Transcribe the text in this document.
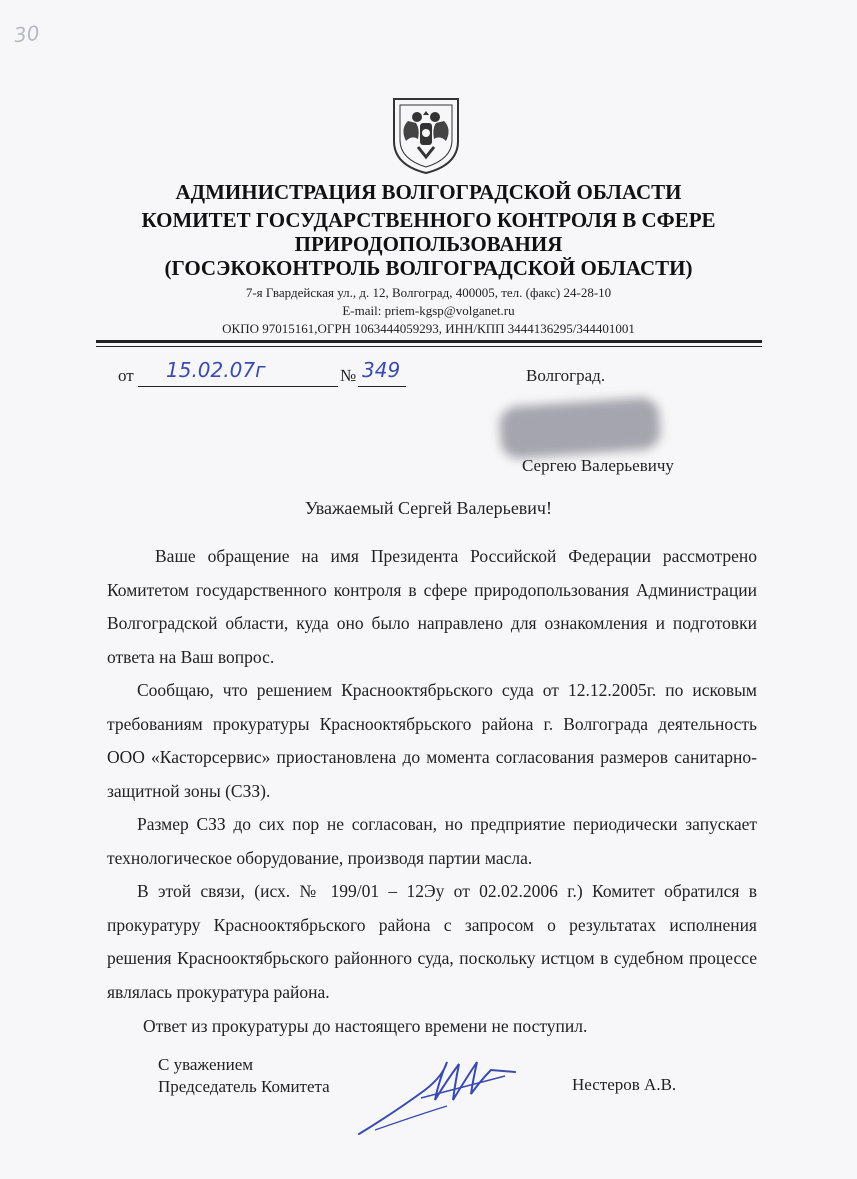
30
АДМИНИСТРАЦИЯ ВОЛГОГРАДСКОЙ ОБЛАСТИ
КОМИТЕТ ГОСУДАРСТВЕННОГО КОНТРОЛЯ В СФЕРЕ
ПРИРОДОПОЛЬЗОВАНИЯ
(ГОСЭКОКОНТРОЛЬ ВОЛГОГРАДСКОЙ ОБЛАСТИ)
7-я Гвардейская ул., д. 12, Волгоград, 400005, тел. (факс) 24-28-10
E-mail: priem-kgsp@volganet.ru
ОКПО 97015161,ОГРН 1063444059293, ИНН/КПП 3444136295/344401001
от 15.02.07г	№ 349	Волгоград.
Сергею Валерьевичу
Уважаемый Сергей Валерьевич!
Ваше обращение на имя Президента Российской Федерации рассмотрено Комитетом государственного контроля в сфере природопользования Администрации Волгоградской области, куда оно было направлено для ознакомления и подготовки ответа на Ваш вопрос.
Сообщаю, что решением Краснооктябрьского суда от 12.12.2005г. по исковым требованиям прокуратуры Краснооктябрьского района г. Волгограда деятельность ООО «Касторсервис» приостановлена до момента согласования размеров санитарно-защитной зоны (СЗЗ).
Размер СЗЗ до сих пор не согласован, но предприятие периодически запускает технологическое оборудование, производя партии масла.
В этой связи, (исх. № 199/01 – 12Эу от 02.02.2006 г.) Комитет обратился в прокуратуру Краснооктябрьского района с запросом о результатах исполнения решения Краснооктябрьского районного суда, поскольку истцом в судебном процессе являлась прокуратура района.
Ответ из прокуратуры до настоящего времени не поступил.
С уважением
Председатель Комитета	Нестеров А.В.
